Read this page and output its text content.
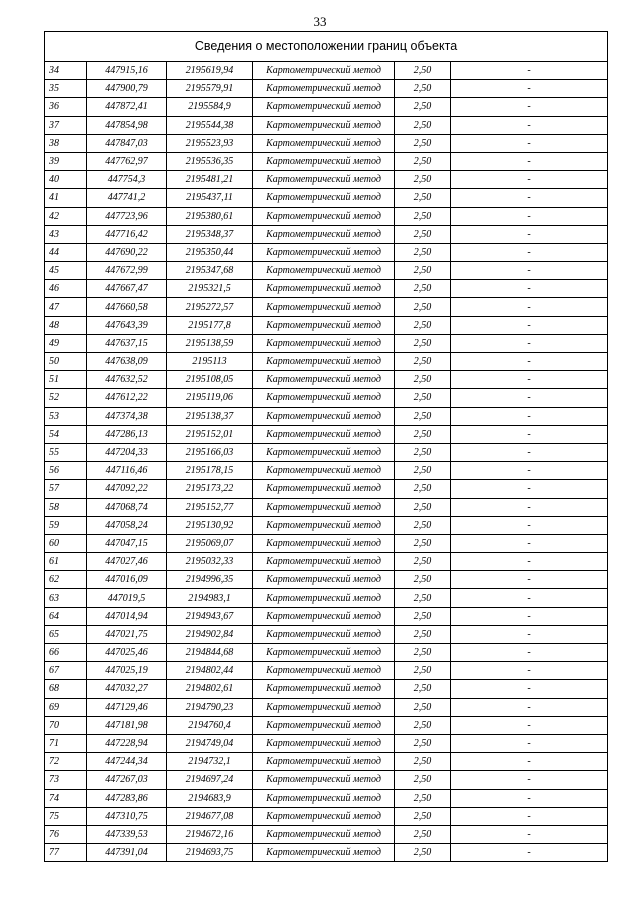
33
Сведения о местоположении границ объекта					
34	447915,16	2195619,94	Картометрический метод	2,50	-
35	447900,79	2195579,91	Картометрический метод	2,50	-
36	447872,41	2195584,9	Картометрический метод	2,50	-
37	447854,98	2195544,38	Картометрический метод	2,50	-
38	447847,03	2195523,93	Картометрический метод	2,50	-
39	447762,97	2195536,35	Картометрический метод	2,50	-
40	447754,3	2195481,21	Картометрический метод	2,50	-
41	447741,2	2195437,11	Картометрический метод	2,50	-
42	447723,96	2195380,61	Картометрический метод	2,50	-
43	447716,42	2195348,37	Картометрический метод	2,50	-
44	447690,22	2195350,44	Картометрический метод	2,50	-
45	447672,99	2195347,68	Картометрический метод	2,50	-
46	447667,47	2195321,5	Картометрический метод	2,50	-
47	447660,58	2195272,57	Картометрический метод	2,50	-
48	447643,39	2195177,8	Картометрический метод	2,50	-
49	447637,15	2195138,59	Картометрический метод	2,50	-
50	447638,09	2195113	Картометрический метод	2,50	-
51	447632,52	2195108,05	Картометрический метод	2,50	-
52	447612,22	2195119,06	Картометрический метод	2,50	-
53	447374,38	2195138,37	Картометрический метод	2,50	-
54	447286,13	2195152,01	Картометрический метод	2,50	-
55	447204,33	2195166,03	Картометрический метод	2,50	-
56	447116,46	2195178,15	Картометрический метод	2,50	-
57	447092,22	2195173,22	Картометрический метод	2,50	-
58	447068,74	2195152,77	Картометрический метод	2,50	-
59	447058,24	2195130,92	Картометрический метод	2,50	-
60	447047,15	2195069,07	Картометрический метод	2,50	-
61	447027,46	2195032,33	Картометрический метод	2,50	-
62	447016,09	2194996,35	Картометрический метод	2,50	-
63	447019,5	2194983,1	Картометрический метод	2,50	-
64	447014,94	2194943,67	Картометрический метод	2,50	-
65	447021,75	2194902,84	Картометрический метод	2,50	-
66	447025,46	2194844,68	Картометрический метод	2,50	-
67	447025,19	2194802,44	Картометрический метод	2,50	-
68	447032,27	2194802,61	Картометрический метод	2,50	-
69	447129,46	2194790,23	Картометрический метод	2,50	-
70	447181,98	2194760,4	Картометрический метод	2,50	-
71	447228,94	2194749,04	Картометрический метод	2,50	-
72	447244,34	2194732,1	Картометрический метод	2,50	-
73	447267,03	2194697,24	Картометрический метод	2,50	-
74	447283,86	2194683,9	Картометрический метод	2,50	-
75	447310,75	2194677,08	Картометрический метод	2,50	-
76	447339,53	2194672,16	Картометрический метод	2,50	-
77	447391,04	2194693,75	Картометрический метод	2,50	-
